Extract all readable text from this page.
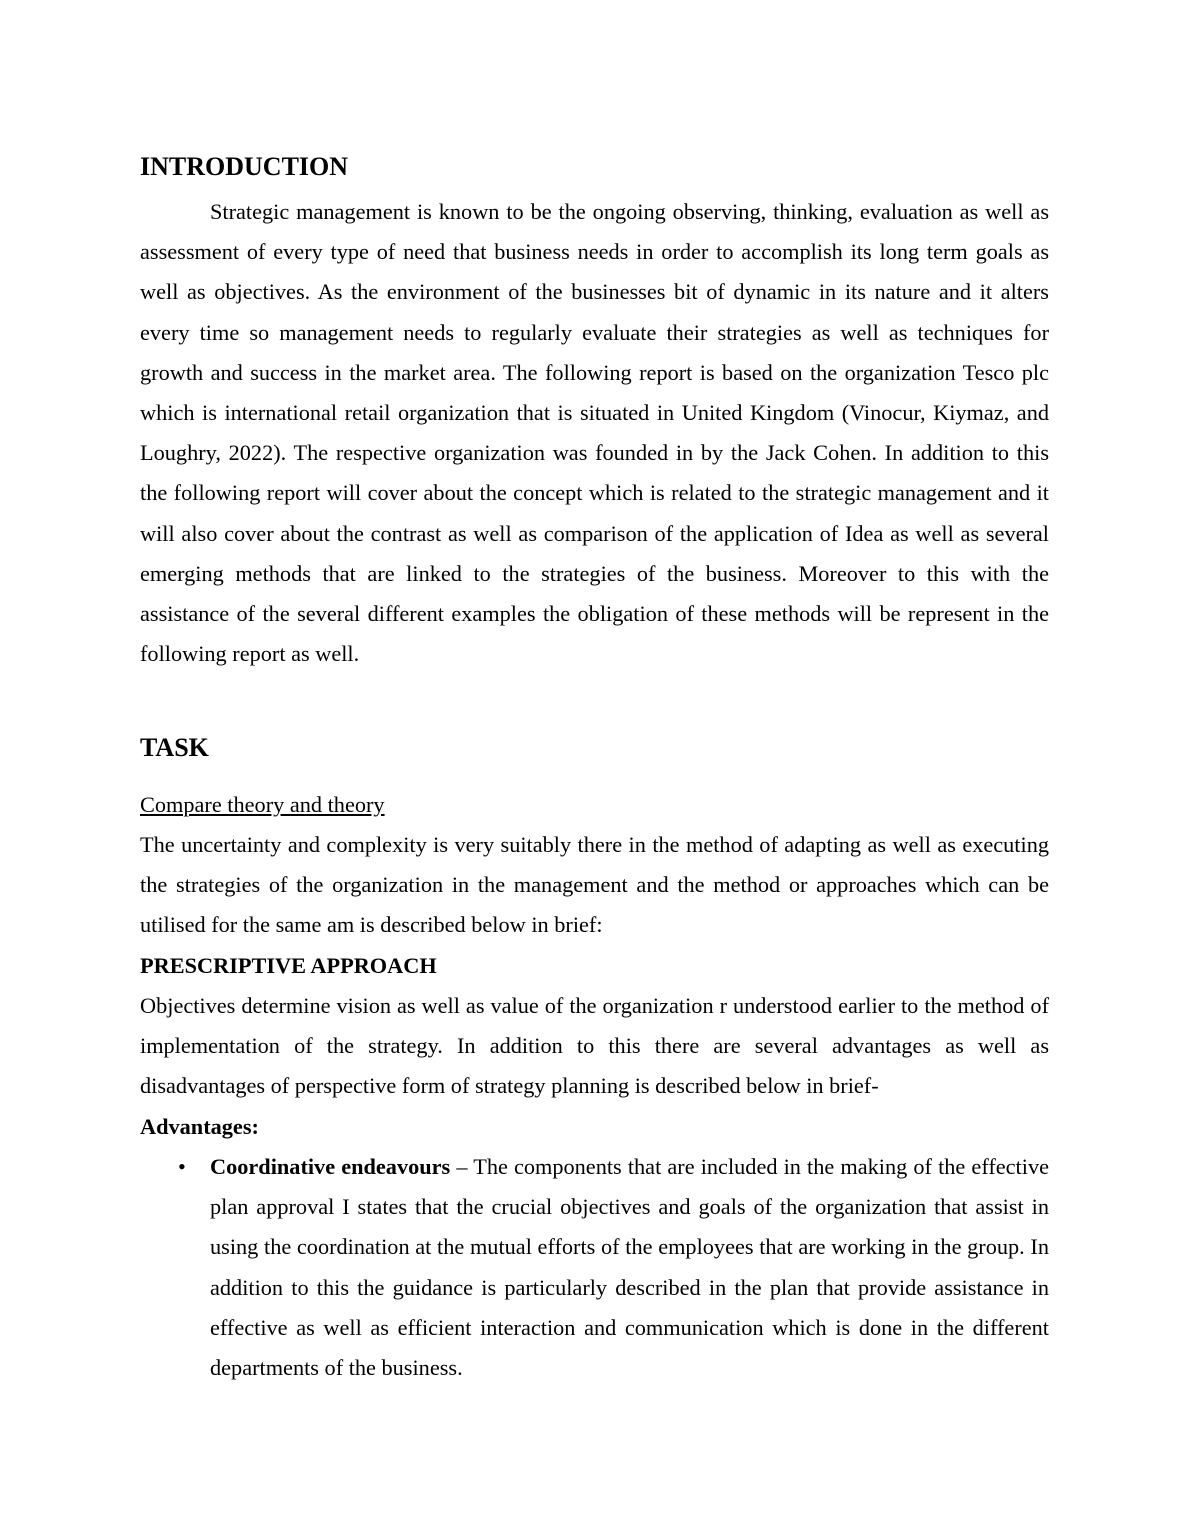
INTRODUCTION

Strategic management is known to be the ongoing observing, thinking, evaluation as well as assessment of every type of need that business needs in order to accomplish its long term goals as well as objectives. As the environment of the businesses bit of dynamic in its nature and it alters every time so management needs to regularly evaluate their strategies as well as techniques for growth and success in the market area. The following report is based on the organization Tesco plc which is international retail organization that is situated in United Kingdom (Vinocur, Kiymaz, and Loughry, 2022). The respective organization was founded in by the Jack Cohen. In addition to this the following report will cover about the concept which is related to the strategic management and it will also cover about the contrast as well as comparison of the application of Idea as well as several emerging methods that are linked to the strategies of the business. Moreover to this with the assistance of the several different examples the obligation of these methods will be represent in the following report as well.

TASK
Compare theory and theory

The uncertainty and complexity is very suitably there in the method of adapting as well as executing the strategies of the organization in the management and the method or approaches which can be utilised for the same am is described below in brief:

PRESCRIPTIVE APPROACH

Objectives determine vision as well as value of the organization r understood earlier to the method of implementation of the strategy. In addition to this there are several advantages as well as disadvantages of perspective form of strategy planning is described below in brief-

Advantages:
• Coordinative endeavours – The components that are included in the making of the effective plan approval I states that the crucial objectives and goals of the organization that assist in using the coordination at the mutual efforts of the employees that are working in the group. In addition to this the guidance is particularly described in the plan that provide assistance in effective as well as efficient interaction and communication which is done in the different departments of the business.
